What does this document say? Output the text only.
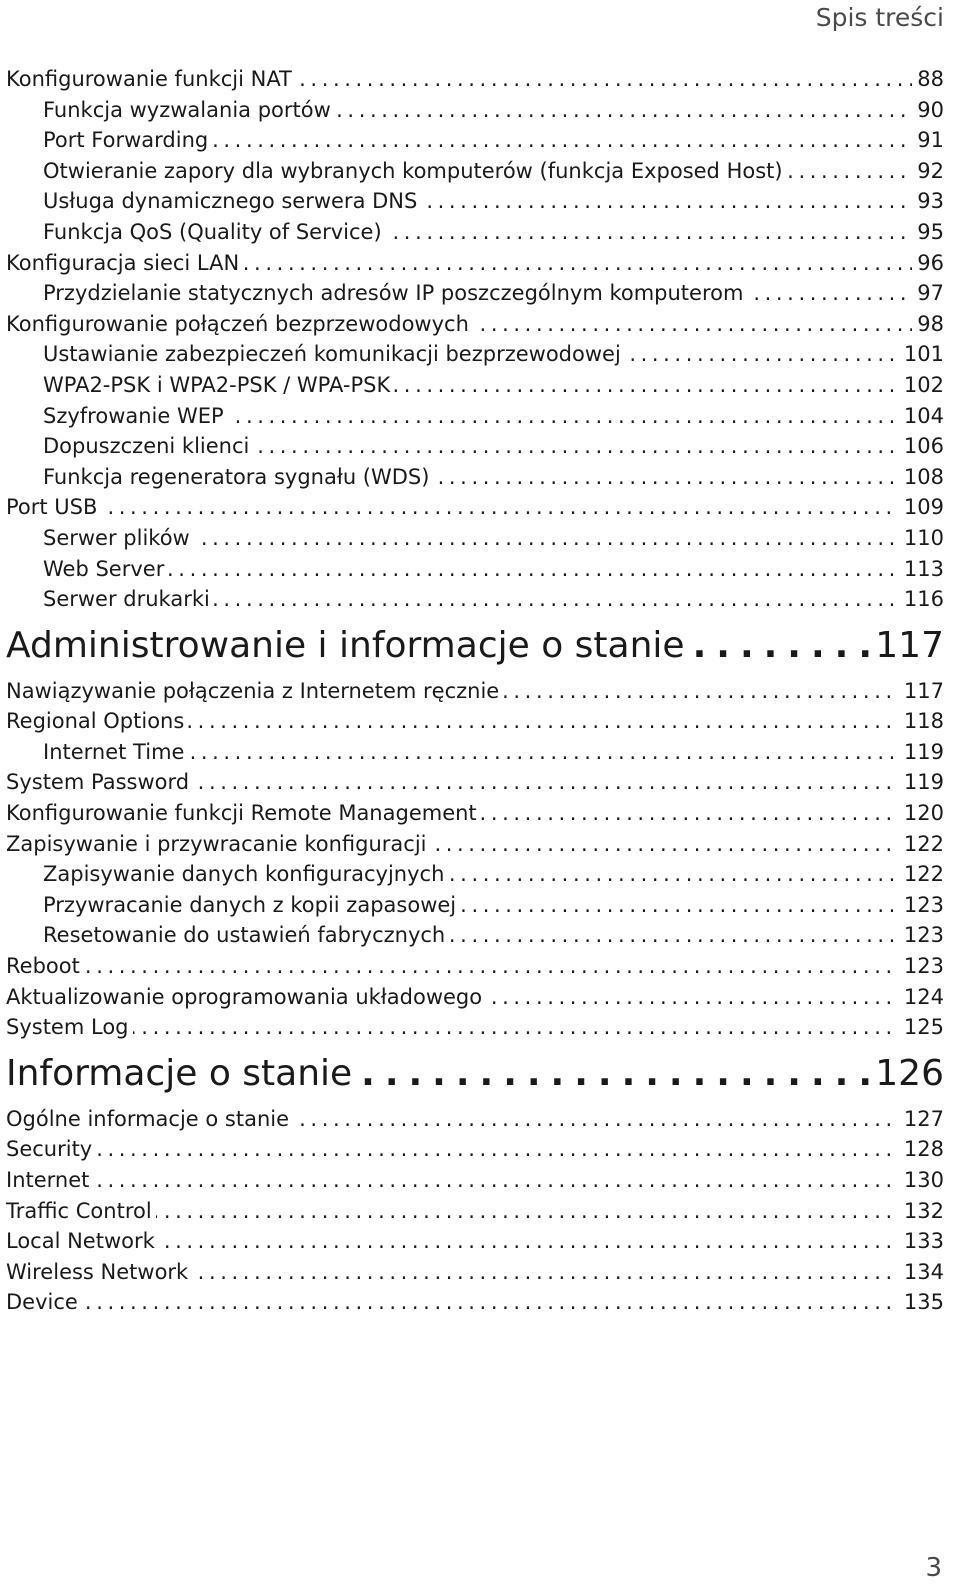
Spis treści
.....
Konfigurowanie funkcji NAT	88
.....
Funkcja wyzwalania portów	90
.....
Port Forwarding	91
.....
Otwieranie zapory dla wybranych komputerów (funkcja Exposed Host)	92
.....
Usługa dynamicznego serwera DNS	93
.....
Funkcja QoS (Quality of Service)	95
.....
Konfiguracja sieci LAN	96
.....
Przydzielanie statycznych adresów IP poszczególnym komputerom	97
.....
Konfigurowanie połączeń bezprzewodowych	98
.....
Ustawianie zabezpieczeń komunikacji bezprzewodowej	101
.....
WPA2-PSK i WPA2-PSK / WPA-PSK	102
.....
Szyfrowanie WEP	104
.....
Dopuszczeni klienci	106
.....
Funkcja regeneratora sygnału (WDS)	108
.....
Port USB	109
.....
Serwer plików	110
.....
Web Server	113
.....
Serwer drukarki	116
.....
Administrowanie i informacje o stanie	117
.....
Nawiązywanie połączenia z Internetem ręcznie	117
.....
Regional Options	118
.....
Internet Time	119
.....
System Password	119
.....
Konfigurowanie funkcji Remote Management	120
.....
Zapisywanie i przywracanie konfiguracji	122
.....
Zapisywanie danych konfiguracyjnych	122
.....
Przywracanie danych z kopii zapasowej	123
.....
Resetowanie do ustawień fabrycznych	123
.....
Reboot	123
.....
Aktualizowanie oprogramowania układowego	124
.....
System Log	125
.....
Informacje o stanie	126
.....
Ogólne informacje o stanie	127
.....
Security	128
.....
Internet	130
.....
Traffic Control	132
.....
Local Network	133
.....
Wireless Network	134
.....
Device	135
3
